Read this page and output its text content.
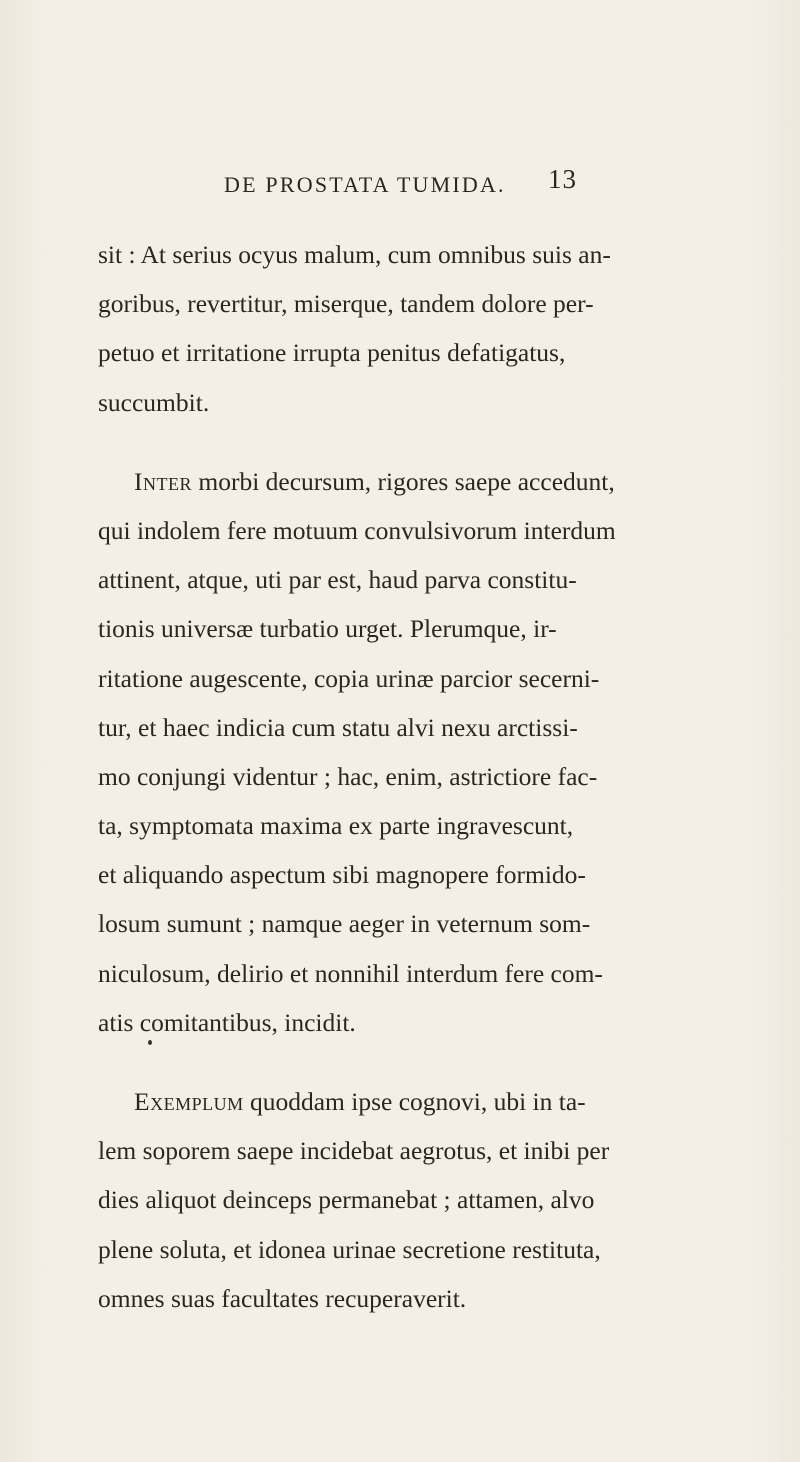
DE PROSTATA TUMIDA. 13
sit : At serius ocyus malum, cum omnibus suis an-
goribus, revertitur, miserque, tandem dolore per-
petuo et irritatione irrupta penitus defatigatus,
succumbit.
Inter morbi decursum, rigores saepe accedunt,
qui indolem fere motuum convulsivorum interdum
attinent, atque, uti par est, haud parva constitu-
tionis universæ turbatio urget. Plerumque, ir-
ritatione augescente, copia urinæ parcior secerni-
tur, et haec indicia cum statu alvi nexu arctissi-
mo conjungi videntur ; hac, enim, astrictiore fac-
ta, symptomata maxima ex parte ingravescunt,
et aliquando aspectum sibi magnopere formido-
losum sumunt ; namque aeger in veternum som-
niculosum, delirio et nonnihil interdum fere com-
atis comitantibus, incidit.
Exemplum quoddam ipse cognovi, ubi in ta-
lem soporem saepe incidebat aegrotus, et inibi per
dies aliquot deinceps permanebat ; attamen, alvo
plene soluta, et idonea urinae secretione restituta,
omnes suas facultates recuperaverit.
